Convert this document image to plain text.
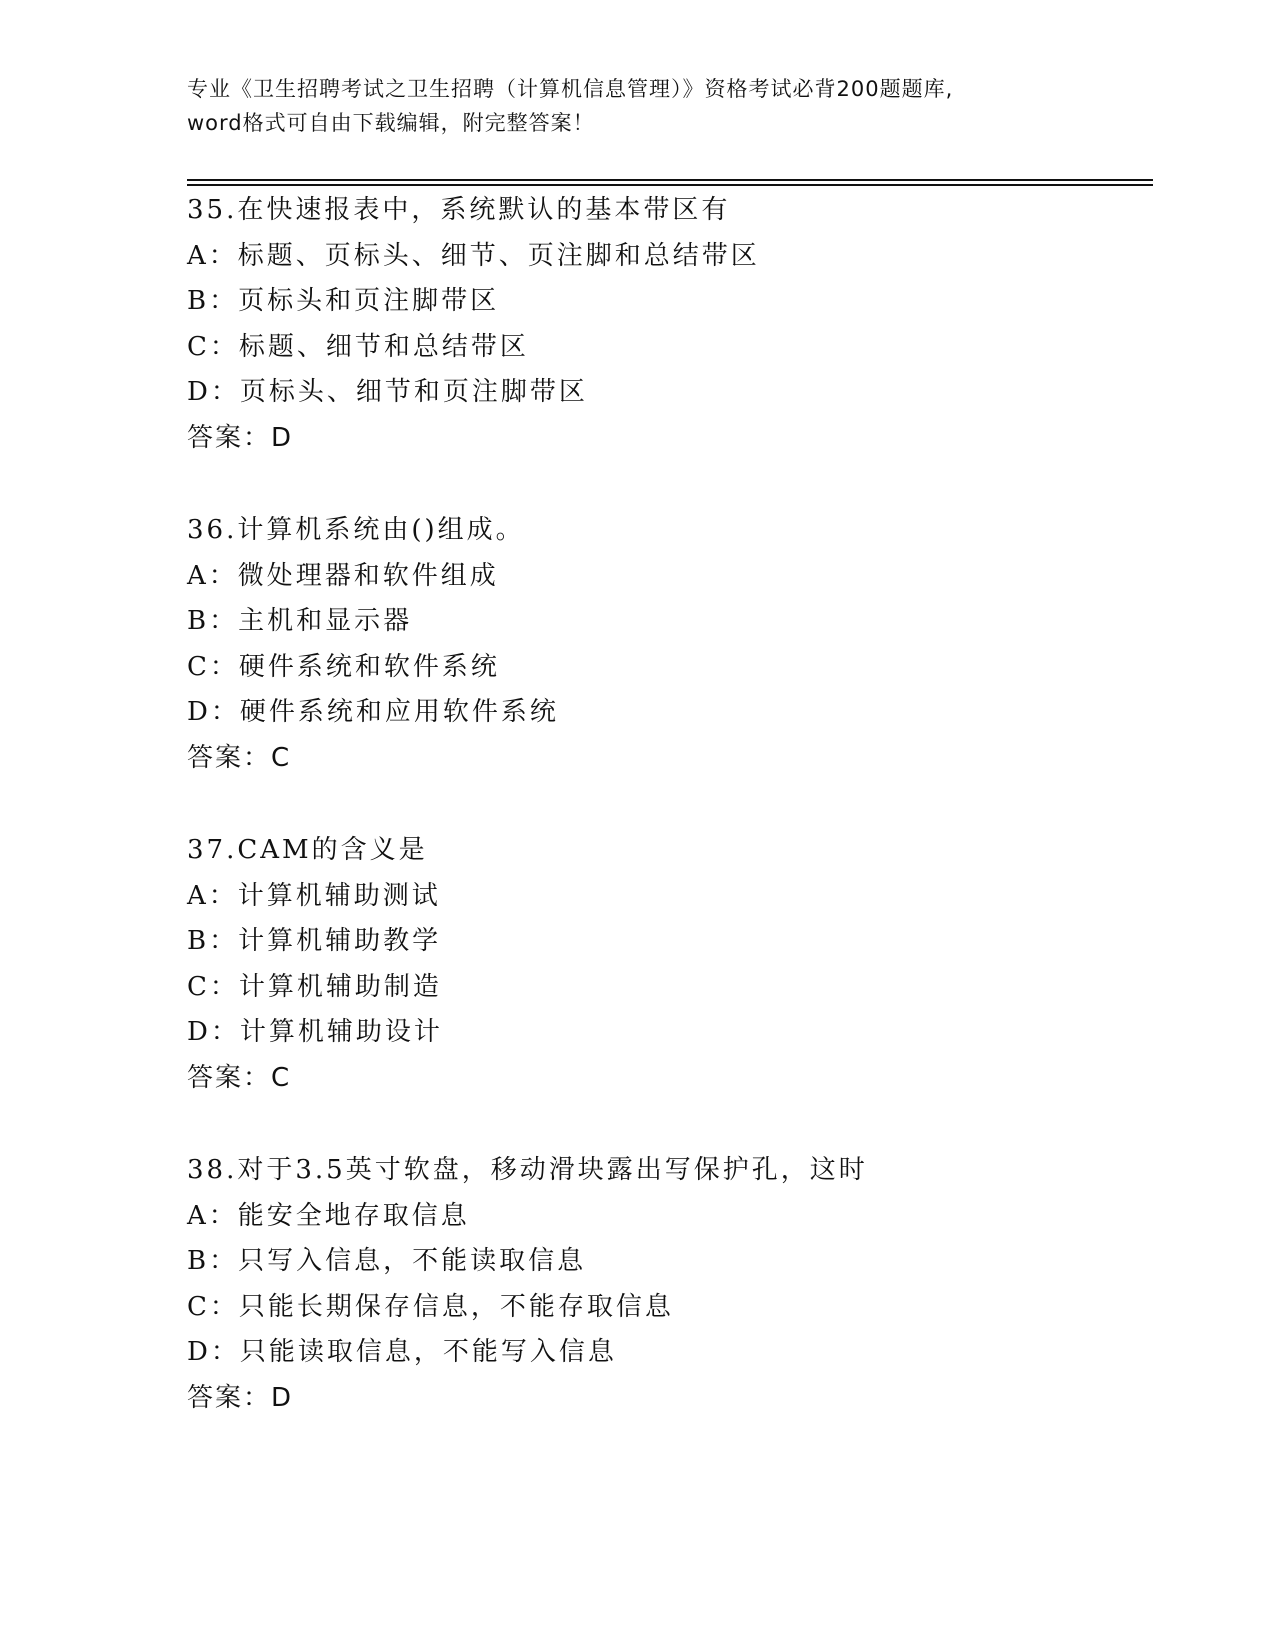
专业《卫生招聘考试之卫生招聘（计算机信息管理）》资格考试必背200题题库,
word格式可自由下载编辑，附完整答案！
35.在快速报表中，系统默认的基本带区有
A：标题、页标头、细节、页注脚和总结带区
B：页标头和页注脚带区
C：标题、细节和总结带区
D：页标头、细节和页注脚带区
答案：D
36.计算机系统由()组成。
A：微处理器和软件组成
B：主机和显示器
C：硬件系统和软件系统
D：硬件系统和应用软件系统
答案：C
37.CAM的含义是
A：计算机辅助测试
B：计算机辅助教学
C：计算机辅助制造
D：计算机辅助设计
答案：C
38.对于3.5英寸软盘，移动滑块露出写保护孔，这时
A：能安全地存取信息
B：只写入信息，不能读取信息
C：只能长期保存信息，不能存取信息
D：只能读取信息，不能写入信息
答案：D
